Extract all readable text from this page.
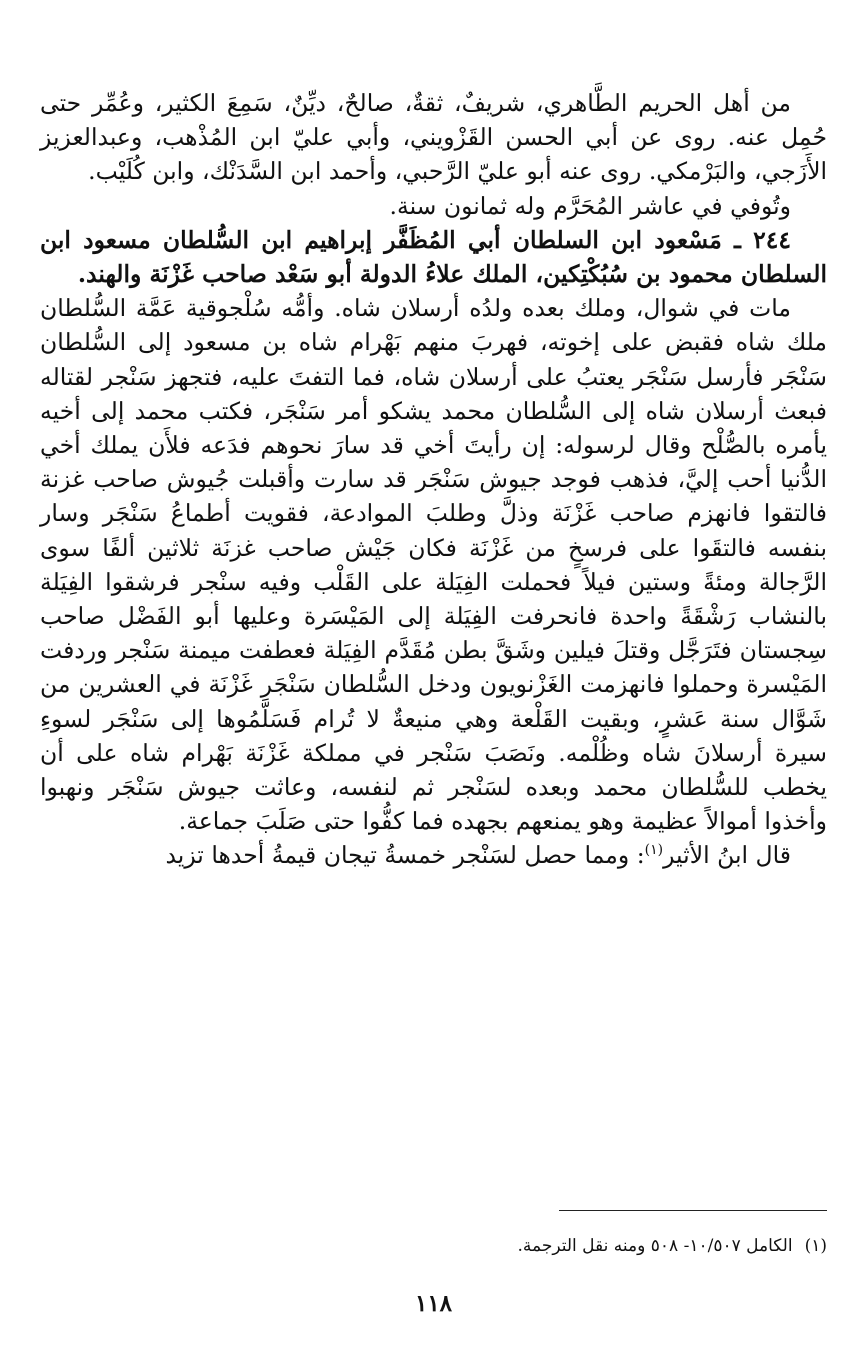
من أهل الحريم الطَّاهري، شريفٌ، ثقةٌ، صالحٌ، ديِّنٌ، سَمِعَ الكثير، وعُمِّر حتى حُمِل عنه. روى عن أبي الحسن القَزْويني، وأبي عليّ ابن المُذْهب، وعبدالعزيز الأَزَجي، والبَرْمكي. روى عنه أبو عليّ الرَّحبي، وأحمد ابن السَّدَنْك، وابن كُلَيْب.

وتُوفي في عاشر المُحَرَّم وله ثمانون سنة.

٢٤٤ ـ مَسْعود ابن السلطان أبي المُظَفَّر إبراهيم ابن السُّلطان مسعود ابن السلطان محمود بن سُبُكْتِكين، الملك علاءُ الدولة أبو سَعْد صاحب غَزْنَة والهند.

مات في شوال، وملك بعده ولدُه أرسلان شاه. وأمُّه سُلْجوقية عَمَّة السُّلطان ملك شاه فقبض على إخوته، فهربَ منهم بَهْرام شاه بن مسعود إلى السُّلطان سَنْجَر فأرسل سَنْجَر يعتبُ على أرسلان شاه، فما التفتَ عليه، فتجهز سَنْجر لقتاله فبعث أرسلان شاه إلى السُّلطان محمد يشكو أمر سَنْجَر، فكتب محمد إلى أخيه يأمره بالصُّلْح وقال لرسوله: إن رأيتَ أخي قد سارَ نحوهم فدَعه فلأَن يملك أخي الدُّنيا أحب إليَّ، فذهب فوجد جيوش سَنْجَر قد سارت وأقبلت جُيوش صاحب غزنة فالتقوا فانهزم صاحب غَزْنَة وذلَّ وطلبَ الموادعة، فقويت أطماعُ سَنْجَر وسار بنفسه فالتقَوا على فرسخٍ من غَزْنَة فكان جَيْش صاحب غزنَة ثلاثين ألفًا سوى الرَّجالة ومئةً وستين فيلاً فحملت الفِيَلة على القَلْب وفيه سنْجر فرشقوا الفِيَلة بالنشاب رَشْقَةً واحدة فانحرفت الفِيَلة إلى المَيْسَرة وعليها أبو الفَضْل صاحب سِجستان فتَرَجَّل وقتلَ فيلين وشَقَّ بطن مُقَدَّم الفِيَلة فعطفت ميمنة سَنْجر وردفت المَيْسرة وحملوا فانهزمت الغَزْنويون ودخل السُّلطان سَنْجَر غَزْنَة في العشرين من شَوَّال سنة عَشرٍ، وبقيت القَلْعة وهي منيعةٌ لا تُرام فَسَلَّمُوها إلى سَنْجَر لسوءِ سيرة أرسلانَ شاه وظُلْمه. ونَصَبَ سَنْجر في مملكة غَزْنَة بَهْرام شاه على أن يخطب للسُّلطان محمد وبعده لسَنْجر ثم لنفسه، وعاثت جيوش سَنْجَر ونهبوا وأخذوا أموالاً عظيمة وهو يمنعهم بجهده فما كفُّوا حتى صَلَبَ جماعة.

قال ابنُ الأثير$^{(١)}$: ومما حصل لسَنْجر خمسةُ تيجان قيمةُ أحدها تزيد

(١)الكامل ١٠/٥٠٧- ٥٠٨ ومنه نقل الترجمة.
١١٨
